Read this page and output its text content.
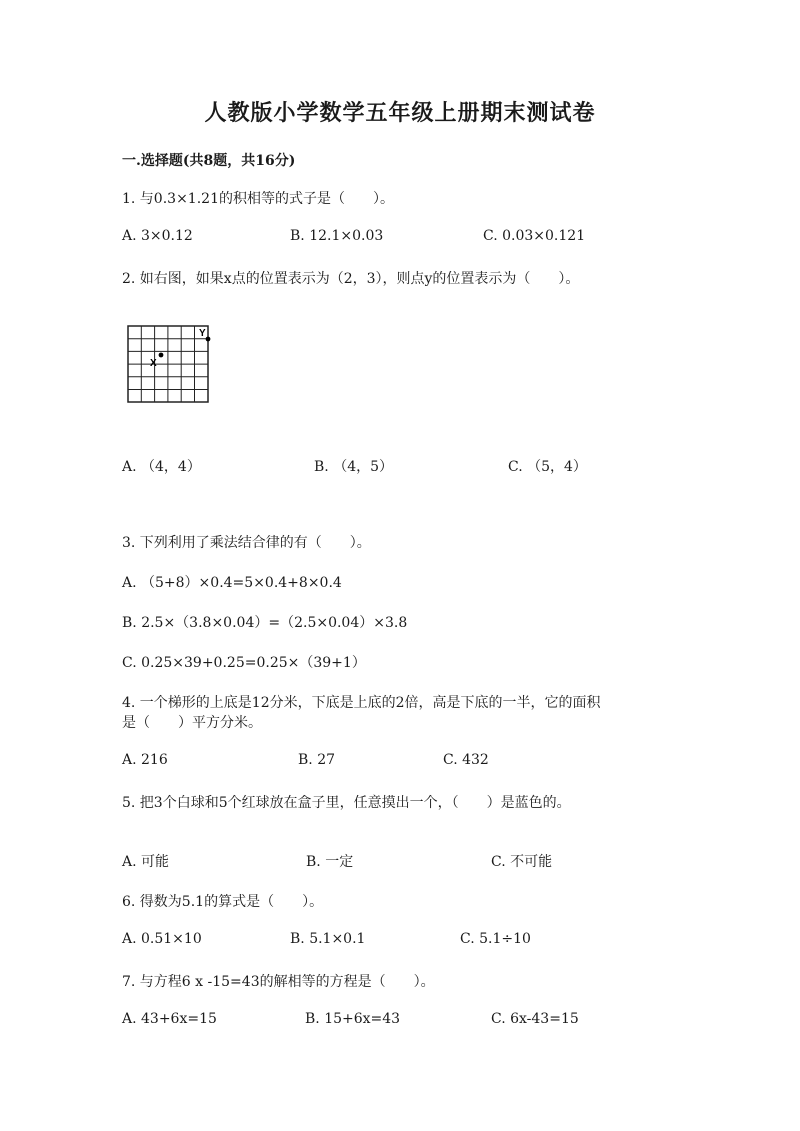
人教版小学数学五年级上册期末测试卷
一.选择题(共8题，共16分)
1. 与0.3×1.21的积相等的式子是（　　）。
A. 3×0.12	B. 12.1×0.03	C. 0.03×0.121
2. 如右图，如果x点的位置表示为（2，3），则点y的位置表示为（　　）。
X
Y
A. （4，4）	B. （4，5）	C. （5，4）
3. 下列利用了乘法结合律的有（　　）。
A. （5+8）×0.4=5×0.4+8×0.4
B. 2.5×（3.8×0.04）=（2.5×0.04）×3.8
C. 0.25×39+0.25=0.25×（39+1）
4. 一个梯形的上底是12分米，下底是上底的2倍，高是下底的一半，它的面积
是（　　）平方分米。
A. 216	B. 27	C. 432
5. 把3个白球和5个红球放在盒子里，任意摸出一个，（　　）是蓝色的。
A. 可能	B. 一定	C. 不可能
6. 得数为5.1的算式是（　　）。
A. 0.51×10	B. 5.1×0.1	C. 5.1÷10
7. 与方程6 x -15=43的解相等的方程是（　　）。
A. 43+6x=15	B. 15+6x=43	C. 6x-43=15
